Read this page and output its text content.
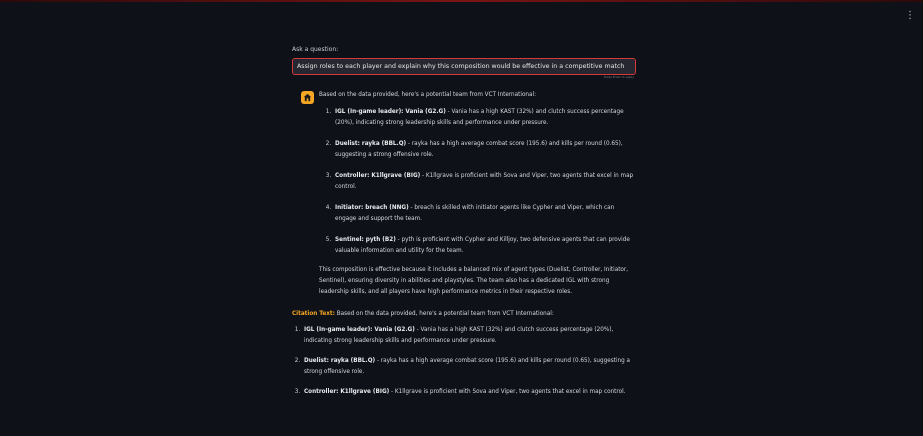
⋮
Ask a question:
Assign roles to each player and explain why this composition would be effective in a competitive match
Press Enter to apply

Based on the data provided, here's a potential team from VCT International:

1. IGL (In-game leader): Vania (G2.G) - Vania has a high KAST (32%) and clutch success percentage (20%), indicating strong leadership skills and performance under pressure.
2. Duelist: rayka (BBL.Q) - rayka has a high average combat score (195.6) and kills per round (0.65), suggesting a strong offensive role.
3. Controller: K1llgrave (BIG) - K1llgrave is proficient with Sova and Viper, two agents that excel in map control.
4. Initiator: breach (NNG) - breach is skilled with initiator agents like Cypher and Viper, which can engage and support the team.
5. Sentinel: pyth (B2) - pyth is proficient with Cypher and Killjoy, two defensive agents that can provide valuable information and utility for the team.

This composition is effective because it includes a balanced mix of agent types (Duelist, Controller, Initiator, Sentinel), ensuring diversity in abilities and playstyles. The team also has a dedicated IGL with strong leadership skills, and all players have high performance metrics in their respective roles.

Citation Text: Based on the data provided, here's a potential team from VCT International:

1. IGL (In-game leader): Vania (G2.G) - Vania has a high KAST (32%) and clutch success percentage (20%), indicating strong leadership skills and performance under pressure.
2. Duelist: rayka (BBL.Q) - rayka has a high average combat score (195.6) and kills per round (0.65), suggesting a strong offensive role.
3. Controller: K1llgrave (BIG) - K1llgrave is proficient with Sova and Viper, two agents that excel in map control.
